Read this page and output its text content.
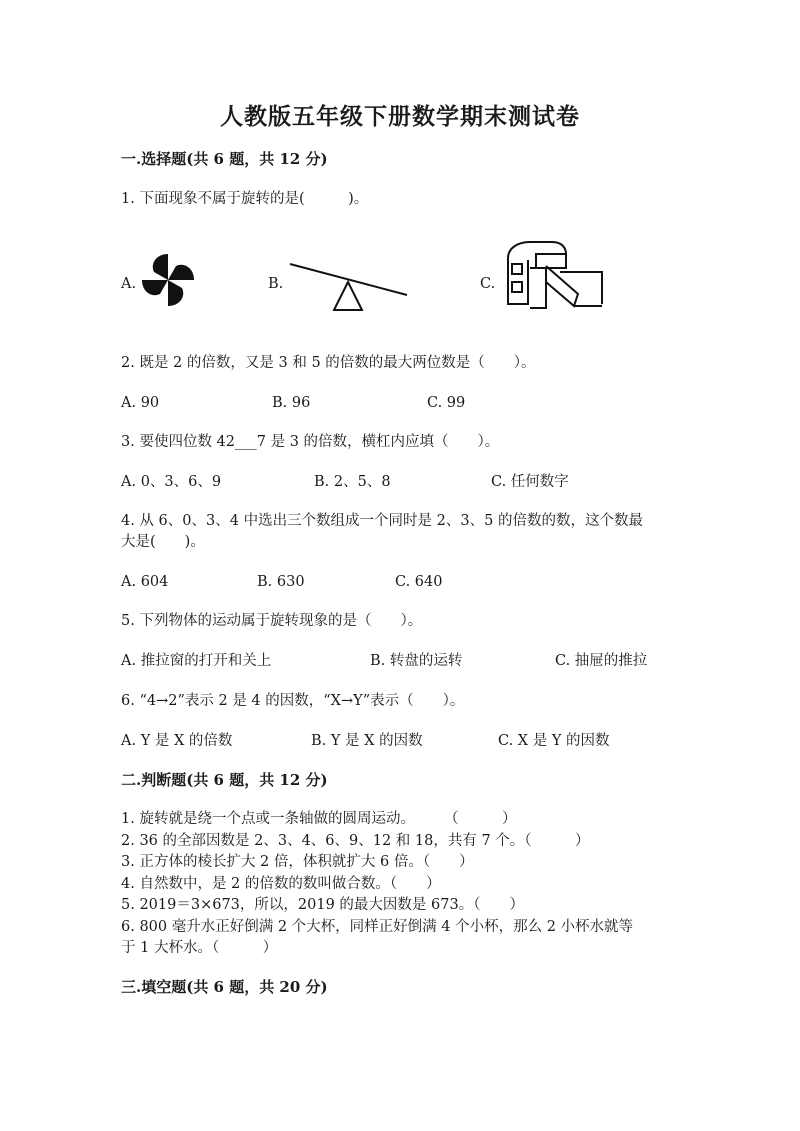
人教版五年级下册数学期末测试卷
一.选择题(共 6 题，共 12 分)
1. 下面现象不属于旋转的是(　　　)。
A.	B.	C.
2. 既是 2 的倍数，又是 3 和 5 的倍数的最大两位数是（　　）。
A. 90	B. 96	C. 99
3. 要使四位数 42___7 是 3 的倍数，横杠内应填（　　）。
A. 0、3、6、9	B. 2、5、8	C. 任何数字
4. 从 6、0、3、4 中选出三个数组成一个同时是 2、3、5 的倍数的数，这个数最
大是(　　)。
A. 604	B. 630	C. 640
5. 下列物体的运动属于旋转现象的是（　　）。
A. 推拉窗的打开和关上	B. 转盘的运转	C. 抽屉的推拉
6. “4→2”表示 2 是 4 的因数，“X→Y”表示（　　）。
A. Y 是 X 的倍数	B. Y 是 X 的因数	C. X 是 Y 的因数
二.判断题(共 6 题，共 12 分)
1. 旋转就是绕一个点或一条轴做的圆周运动。　　　（　　　）
2. 36 的全部因数是 2、3、4、6、9、12 和 18，共有 7 个。（　　　）
3. 正方体的棱长扩大 2 倍，体积就扩大 6 倍。（　　）
4. 自然数中，是 2 的倍数的数叫做合数。（　　）
5. 2019＝3×673，所以，2019 的最大因数是 673。（　　）
6. 800 毫升水正好倒满 2 个大杯，同样正好倒满 4 个小杯，那么 2 小杯水就等
于 1 大杯水。（　　　）
三.填空题(共 6 题，共 20 分)
